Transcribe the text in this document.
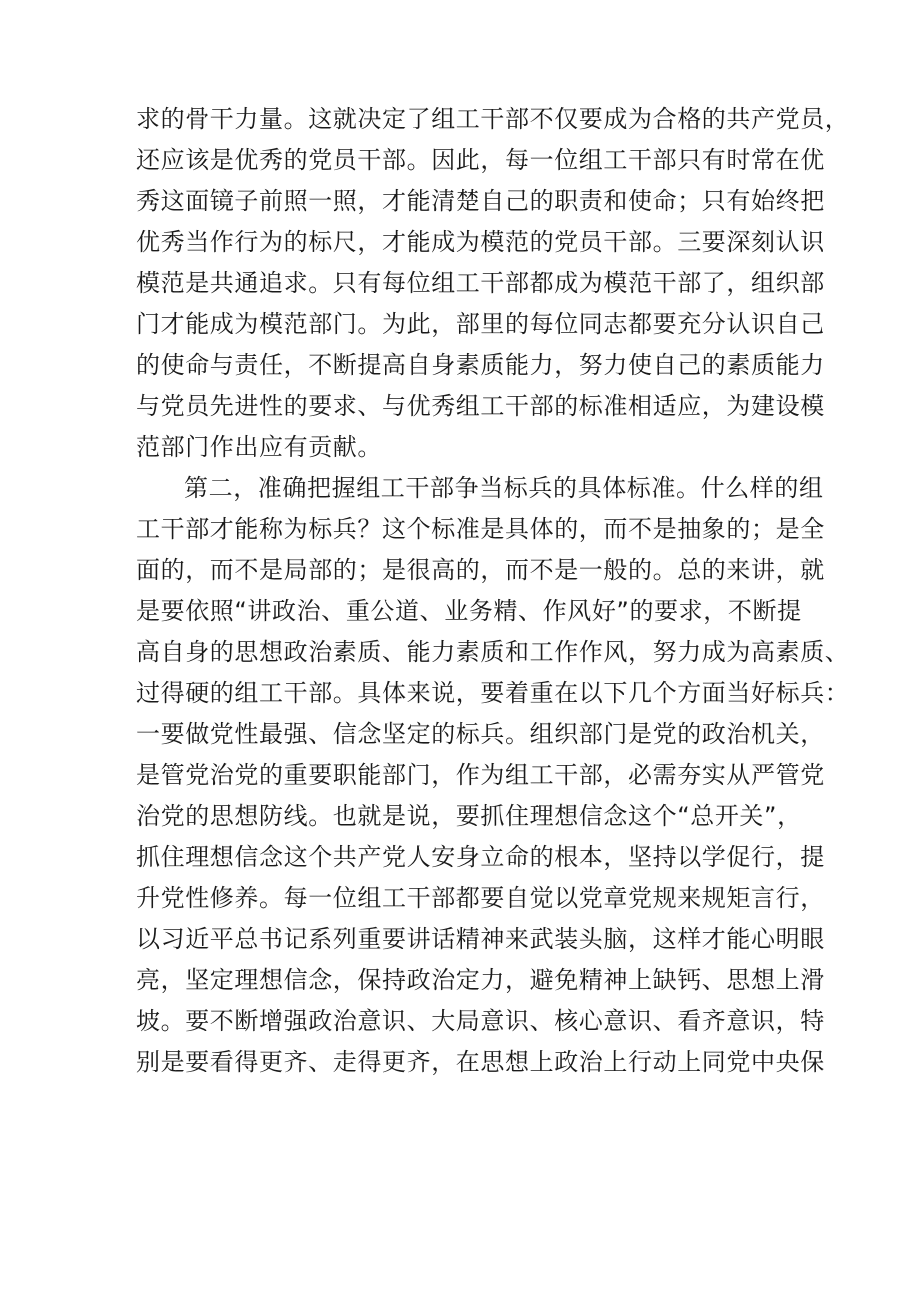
求的骨干力量。这就决定了组工干部不仅要成为合格的共产党员，
还应该是优秀的党员干部。因此，每一位组工干部只有时常在优
秀这面镜子前照一照，才能清楚自己的职责和使命；只有始终把
优秀当作行为的标尺，才能成为模范的党员干部。三要深刻认识
模范是共通追求。只有每位组工干部都成为模范干部了，组织部
门才能成为模范部门。为此，部里的每位同志都要充分认识自己
的使命与责任，不断提高自身素质能力，努力使自己的素质能力
与党员先进性的要求、与优秀组工干部的标准相适应，为建设模
范部门作出应有贡献。
第二，准确把握组工干部争当标兵的具体标准。什么样的组
工干部才能称为标兵？这个标准是具体的，而不是抽象的；是全
面的，而不是局部的；是很高的，而不是一般的。总的来讲，就
是要依照“讲政治、重公道、业务精、作风好”的要求，不断提
高自身的思想政治素质、能力素质和工作作风，努力成为高素质、
过得硬的组工干部。具体来说，要着重在以下几个方面当好标兵：
一要做党性最强、信念坚定的标兵。组织部门是党的政治机关，
是管党治党的重要职能部门，作为组工干部，必需夯实从严管党
治党的思想防线。也就是说，要抓住理想信念这个“总开关”，
抓住理想信念这个共产党人安身立命的根本，坚持以学促行，提
升党性修养。每一位组工干部都要自觉以党章党规来规矩言行，
以习近平总书记系列重要讲话精神来武装头脑，这样才能心明眼
亮，坚定理想信念，保持政治定力，避免精神上缺钙、思想上滑
坡。要不断增强政治意识、大局意识、核心意识、看齐意识，特
别是要看得更齐、走得更齐，在思想上政治上行动上同党中央保
